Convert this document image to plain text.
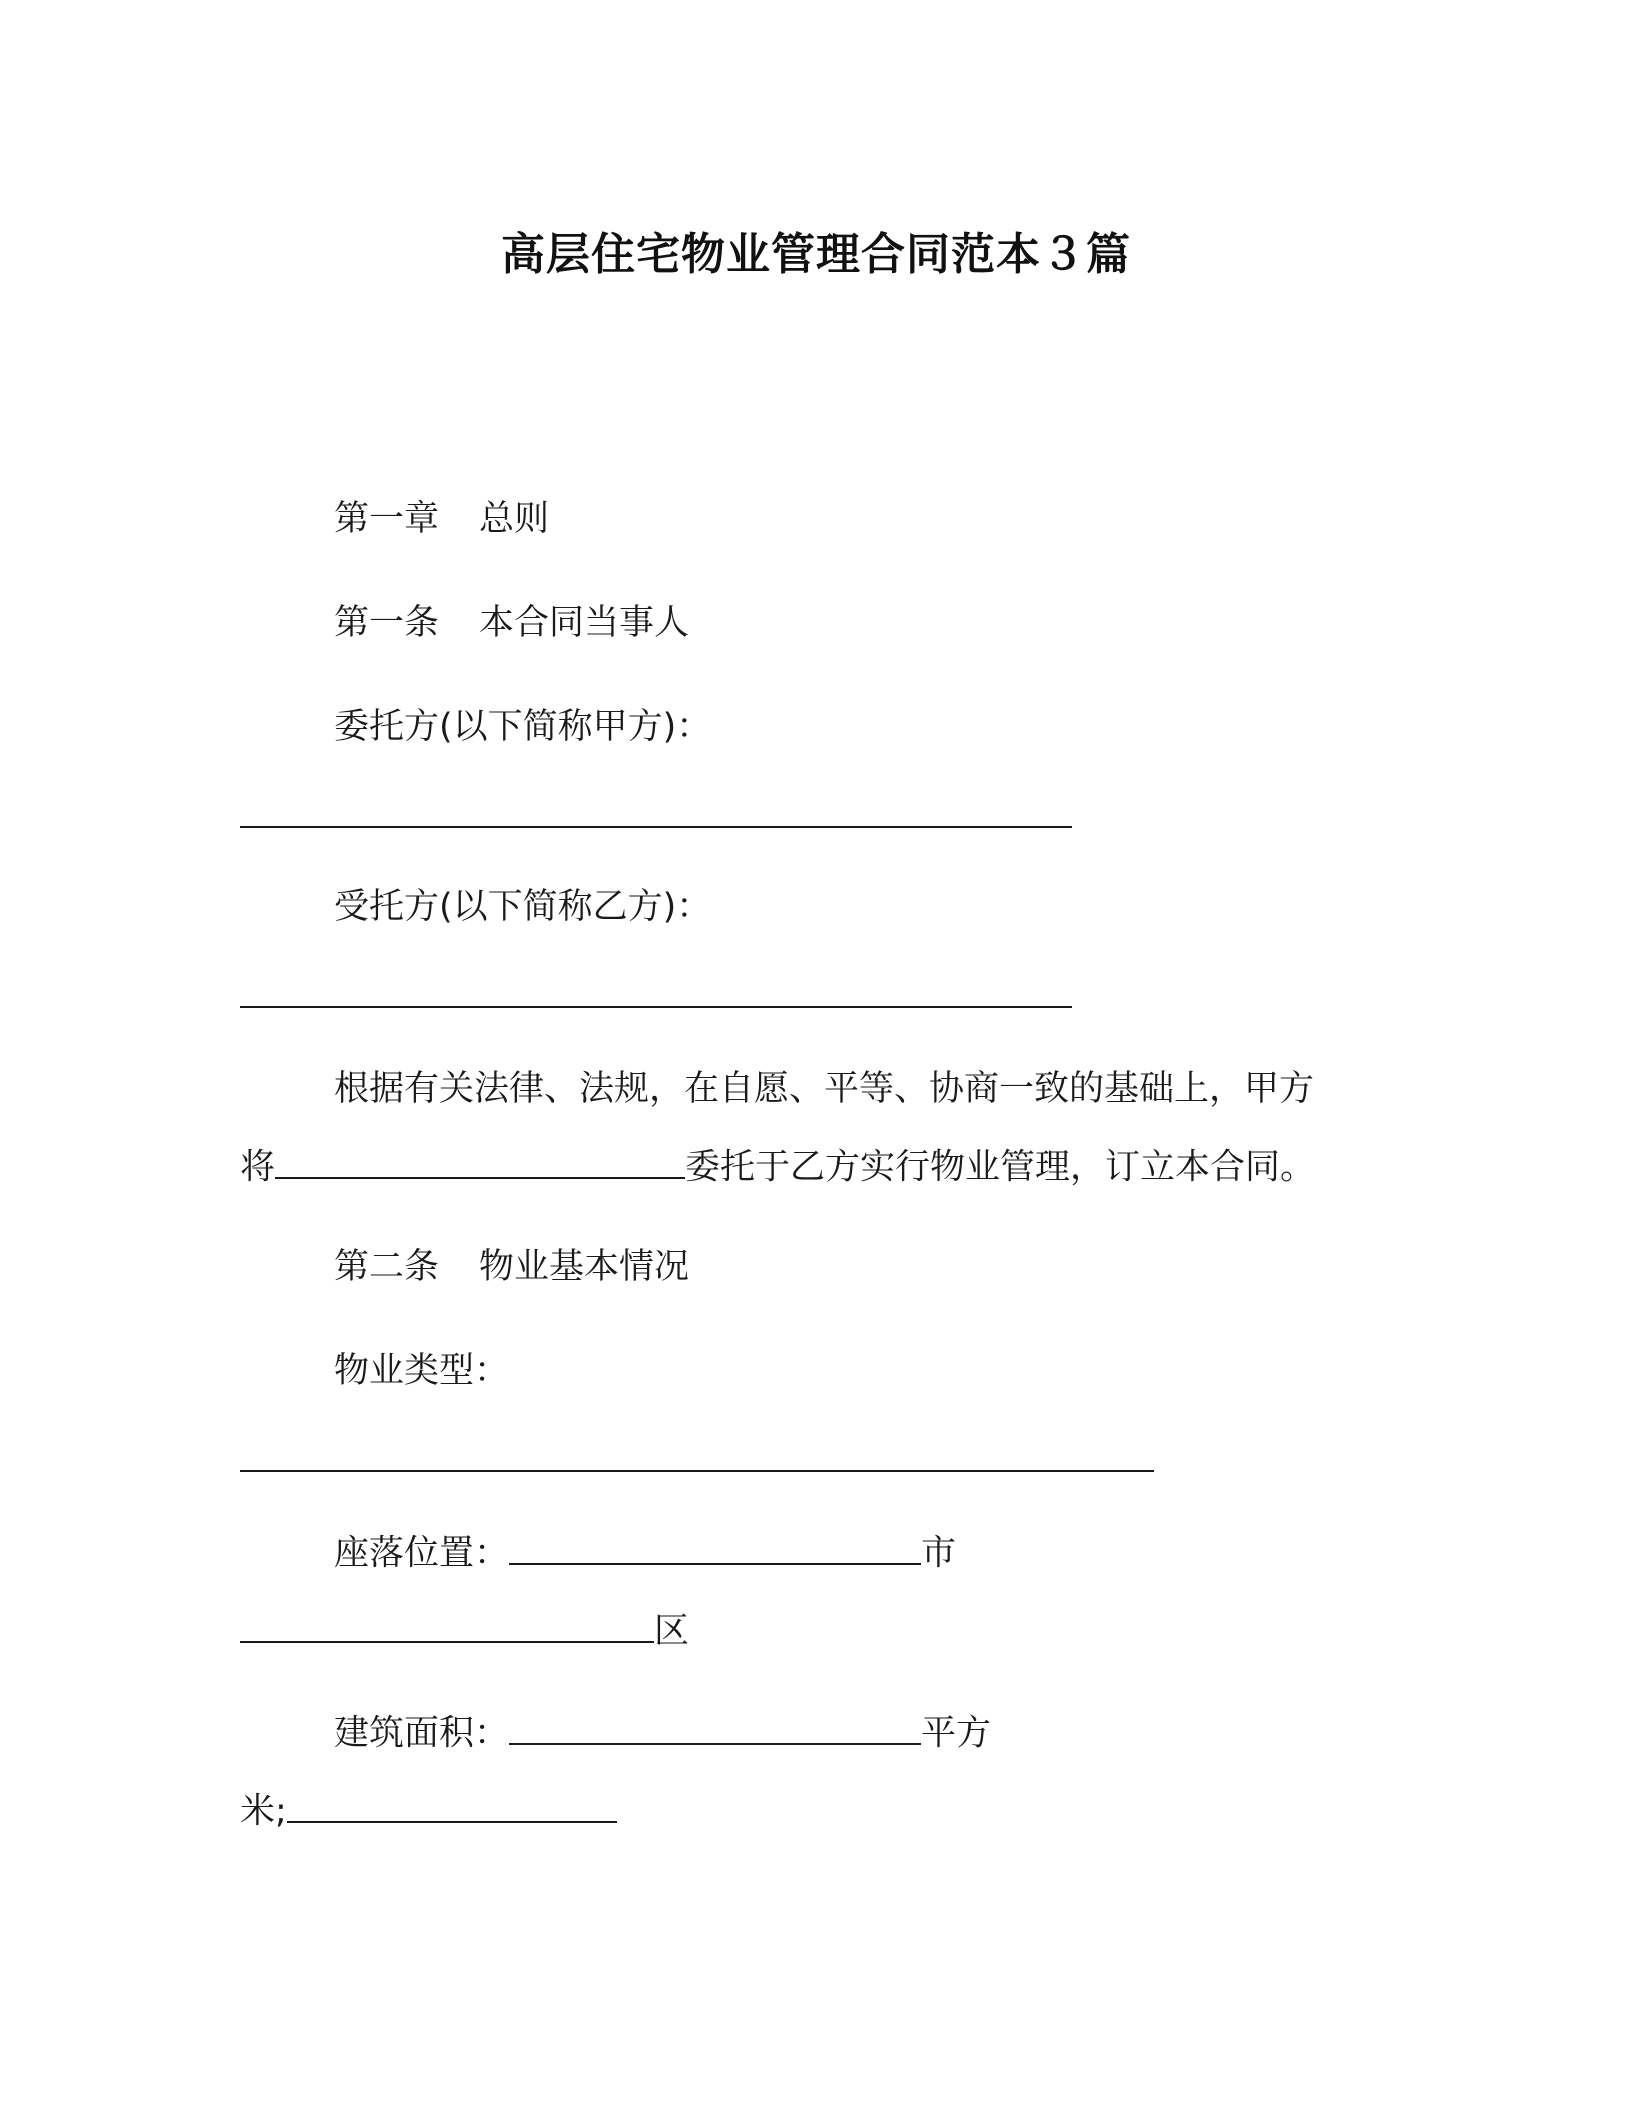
高层住宅物业管理合同范本３篇
第一章 总则
第一条 本合同当事人
委托方(以下简称甲方)：
受托方(以下简称乙方)：
根据有关法律、法规，在自愿、平等、协商一致的基础上，甲方
将	委托于乙方实行物业管理，订立本合同。
第二条 物业基本情况
物业类型：
座落位置：	市
区
建筑面积：	平方
米;
